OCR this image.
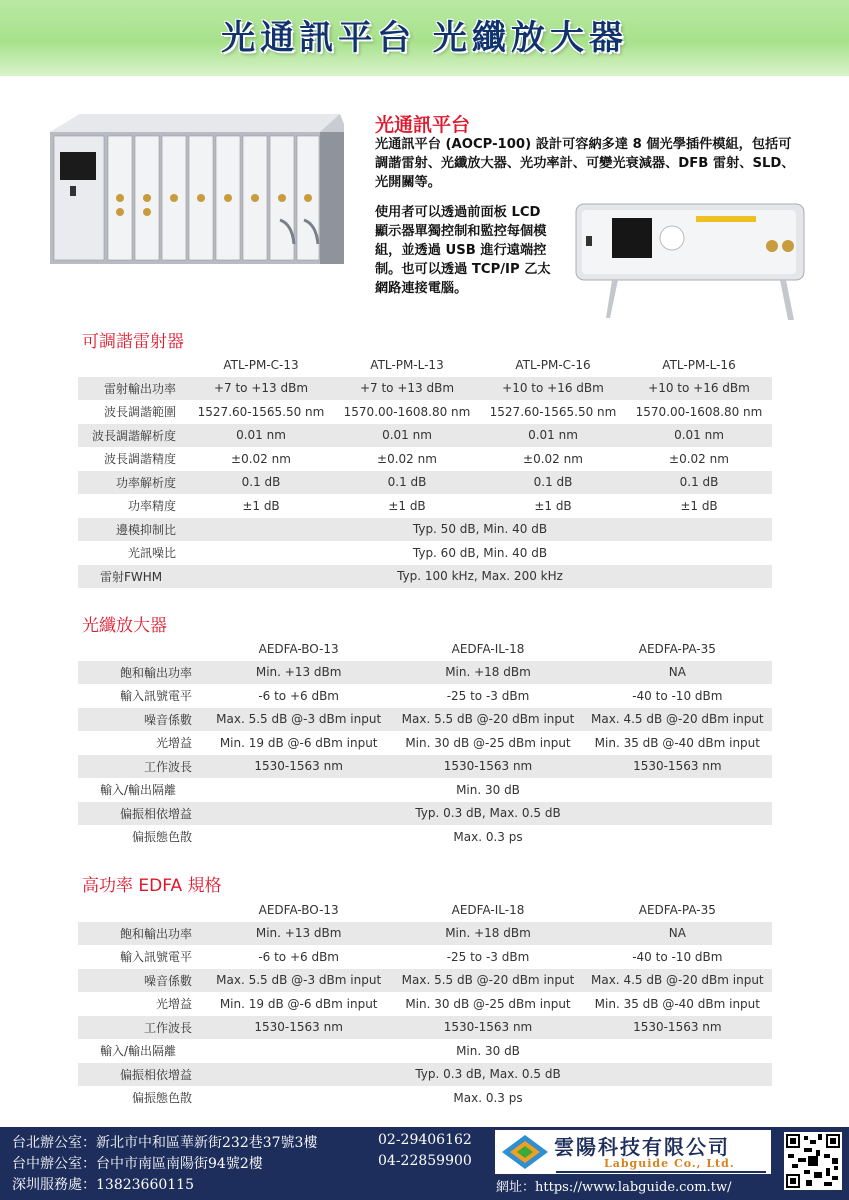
光通訊平台 光纖放大器
光通訊平台
光通訊平台 (AOCP-100) 設計可容納多達 8 個光學插件模組，包括可調諧雷射、光纖放大器、光功率計、可變光衰減器、DFB 雷射、SLD、光開關等。
使用者可以透過前面板 LCD 顯示器單獨控制和監控每個模組，並透過 USB 進行遠端控制。也可以透過 TCP/IP 乙太網路連接電腦。
可調諧雷射器
	ATL-PM-C-13	ATL-PM-L-13	ATL-PM-C-16	ATL-PM-L-16
雷射輸出功率	+7 to +13 dBm	+7 to +13 dBm	+10 to +16 dBm	+10 to +16 dBm
波長調諧範圍	1527.60-1565.50 nm	1570.00-1608.80 nm	1527.60-1565.50 nm	1570.00-1608.80 nm
波長調諧解析度	0.01 nm	0.01 nm	0.01 nm	0.01 nm
波長調諧精度	±0.02 nm	±0.02 nm	±0.02 nm	±0.02 nm
功率解析度	0.1 dB	0.1 dB	0.1 dB	0.1 dB
功率精度	±1 dB	±1 dB	±1 dB	±1 dB
邊模抑制比	Typ. 50 dB, Min. 40 dB			
光訊噪比	Typ. 60 dB, Min. 40 dB			
雷射FWHM	Typ. 100 kHz, Max. 200 kHz			
光纖放大器
	AEDFA-BO-13	AEDFA-IL-18	AEDFA-PA-35
飽和輸出功率	Min. +13 dBm	Min. +18 dBm	NA
輸入訊號電平	-6 to +6 dBm	-25 to -3 dBm	-40 to -10 dBm
噪音係數	Max. 5.5 dB @-3 dBm input	Max. 5.5 dB @-20 dBm input	Max. 4.5 dB @-20 dBm input
光增益	Min. 19 dB @-6 dBm input	Min. 30 dB @-25 dBm input	Min. 35 dB @-40 dBm input
工作波長	1530-1563 nm	1530-1563 nm	1530-1563 nm
輸入/輸出隔離	Min. 30 dB		
偏振相依增益	Typ. 0.3 dB, Max. 0.5 dB		
偏振態色散	Max. 0.3 ps		
高功率 EDFA 規格
	AEDFA-BO-13	AEDFA-IL-18	AEDFA-PA-35
飽和輸出功率	Min. +13 dBm	Min. +18 dBm	NA
輸入訊號電平	-6 to +6 dBm	-25 to -3 dBm	-40 to -10 dBm
噪音係數	Max. 5.5 dB @-3 dBm input	Max. 5.5 dB @-20 dBm input	Max. 4.5 dB @-20 dBm input
光增益	Min. 19 dB @-6 dBm input	Min. 30 dB @-25 dBm input	Min. 35 dB @-40 dBm input
工作波長	1530-1563 nm	1530-1563 nm	1530-1563 nm
輸入/輸出隔離	Min. 30 dB		
偏振相依增益	Typ. 0.3 dB, Max. 0.5 dB		
偏振態色散	Max. 0.3 ps		
台北辦公室：新北市中和區華新街232巷37號3樓	02-29406162
台中辦公室：台中市南區南陽街94號2樓	04-22859900
深圳服務處：13823660115
雲陽科技有限公司
Labguide Co., Ltd.
網址：https://www.labguide.com.tw/
